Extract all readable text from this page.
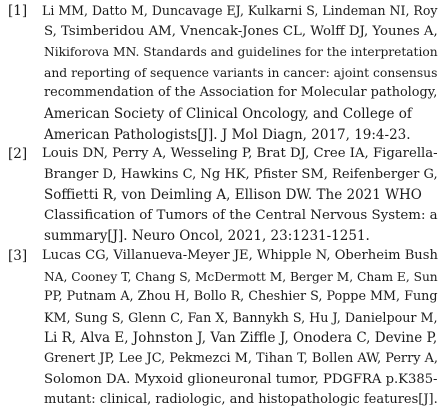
[1]	Li MM, Datto M, Duncavage EJ, Kulkarni S, Lindeman NI, Roy
S, Tsimberidou AM, Vnencak-Jones CL, Wolff DJ, Younes A,
Nikiforova MN. Standards and guidelines for the interpretation
and reporting of sequence variants in cancer: ajoint consensus
recommendation of the Association for Molecular pathology,
American Society of Clinical Oncology, and College of
American Pathologists[J]. J Mol Diagn, 2017, 19:4-23.
[2]	Louis DN, Perry A, Wesseling P, Brat DJ, Cree IA, Figarella-
Branger D, Hawkins C, Ng HK, Pfister SM, Reifenberger G,
Soffietti R, von Deimling A, Ellison DW. The 2021 WHO
Classification of Tumors of the Central Nervous System: a
summary[J]. Neuro Oncol, 2021, 23:1231-1251.
[3]	Lucas CG, Villanueva-Meyer JE, Whipple N, Oberheim Bush
NA, Cooney T, Chang S, McDermott M, Berger M, Cham E, Sun
PP, Putnam A, Zhou H, Bollo R, Cheshier S, Poppe MM, Fung
KM, Sung S, Glenn C, Fan X, Bannykh S, Hu J, Danielpour M,
Li R, Alva E, Johnston J, Van Ziffle J, Onodera C, Devine P,
Grenert JP, Lee JC, Pekmezci M, Tihan T, Bollen AW, Perry A,
Solomon DA. Myxoid glioneuronal tumor, PDGFRA p.K385-
mutant: clinical, radiologic, and histopathologic features[J].
